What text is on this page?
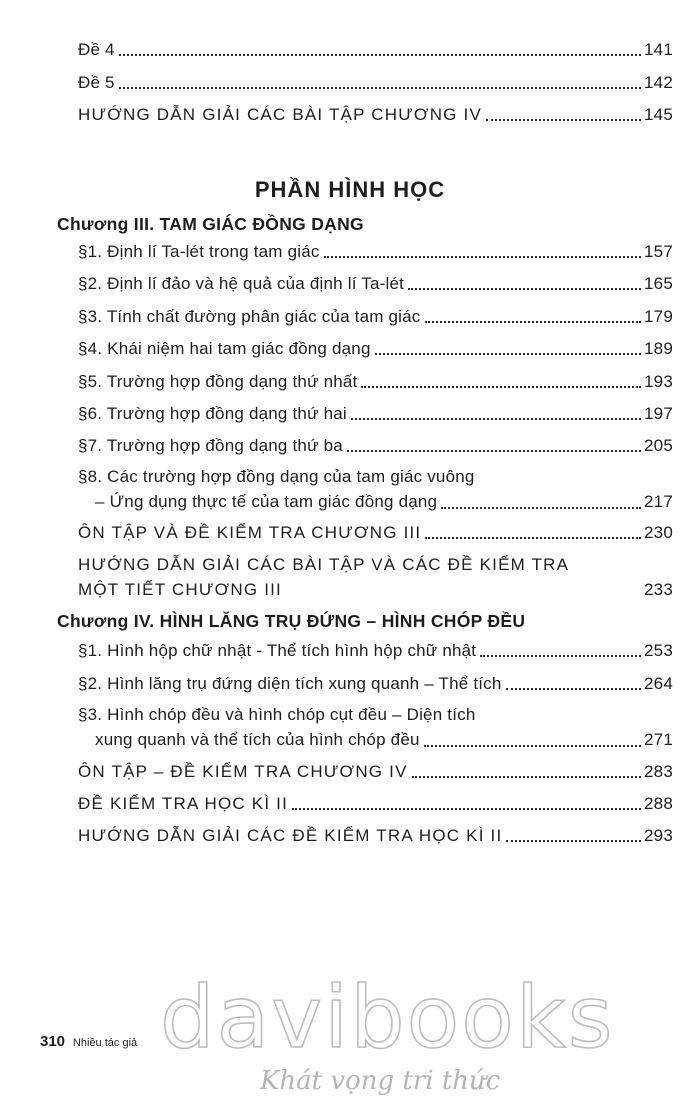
Đề 4	141
Đề 5	142
HƯỚNG DẪN GIẢI CÁC BÀI TẬP CHƯƠNG IV	145
PHẦN HÌNH HỌC
Chương III. TAM GIÁC ĐỒNG DẠNG
§1. Định lí Ta-lét trong tam giác	157
§2. Định lí đảo và hệ quả của định lí Ta-lét	165
§3. Tính chất đường phân giác của tam giác	179
§4. Khái niệm hai tam giác đồng dạng	189
§5. Trường hợp đồng dạng thứ nhất	193
§6. Trường hợp đồng dạng thứ hai	197
§7. Trường hợp đồng dạng thứ ba	205
§8. Các trường hợp đồng dạng của tam giác vuông
– Ứng dụng thực tế của tam giác đồng dạng	217
ÔN TẬP VÀ ĐỀ KIỂM TRA CHƯƠNG III	230
HƯỚNG DẪN GIẢI CÁC BÀI TẬP VÀ CÁC ĐỀ KIỂM TRA
MỘT TIẾT CHƯƠNG III	233
Chương IV. HÌNH LĂNG TRỤ ĐỨNG – HÌNH CHÓP ĐỀU
§1. Hình hộp chữ nhật - Thể tích hình hộp chữ nhật	253
§2. Hình lăng trụ đứng diện tích xung quanh – Thể tích	264
§3. Hình chóp đều và hình chóp cụt đều – Diện tích
xung quanh và thể tích của hình chóp đều	271
ÔN TẬP – ĐỀ KIỂM TRA CHƯƠNG IV	283
ĐỀ KIỂM TRA HỌC KÌ II	288
HƯỚNG DẪN GIẢI CÁC ĐỀ KIỂM TRA HỌC KÌ II	293
310 Nhiều tác giả davibooks
Khát vọng tri thức
